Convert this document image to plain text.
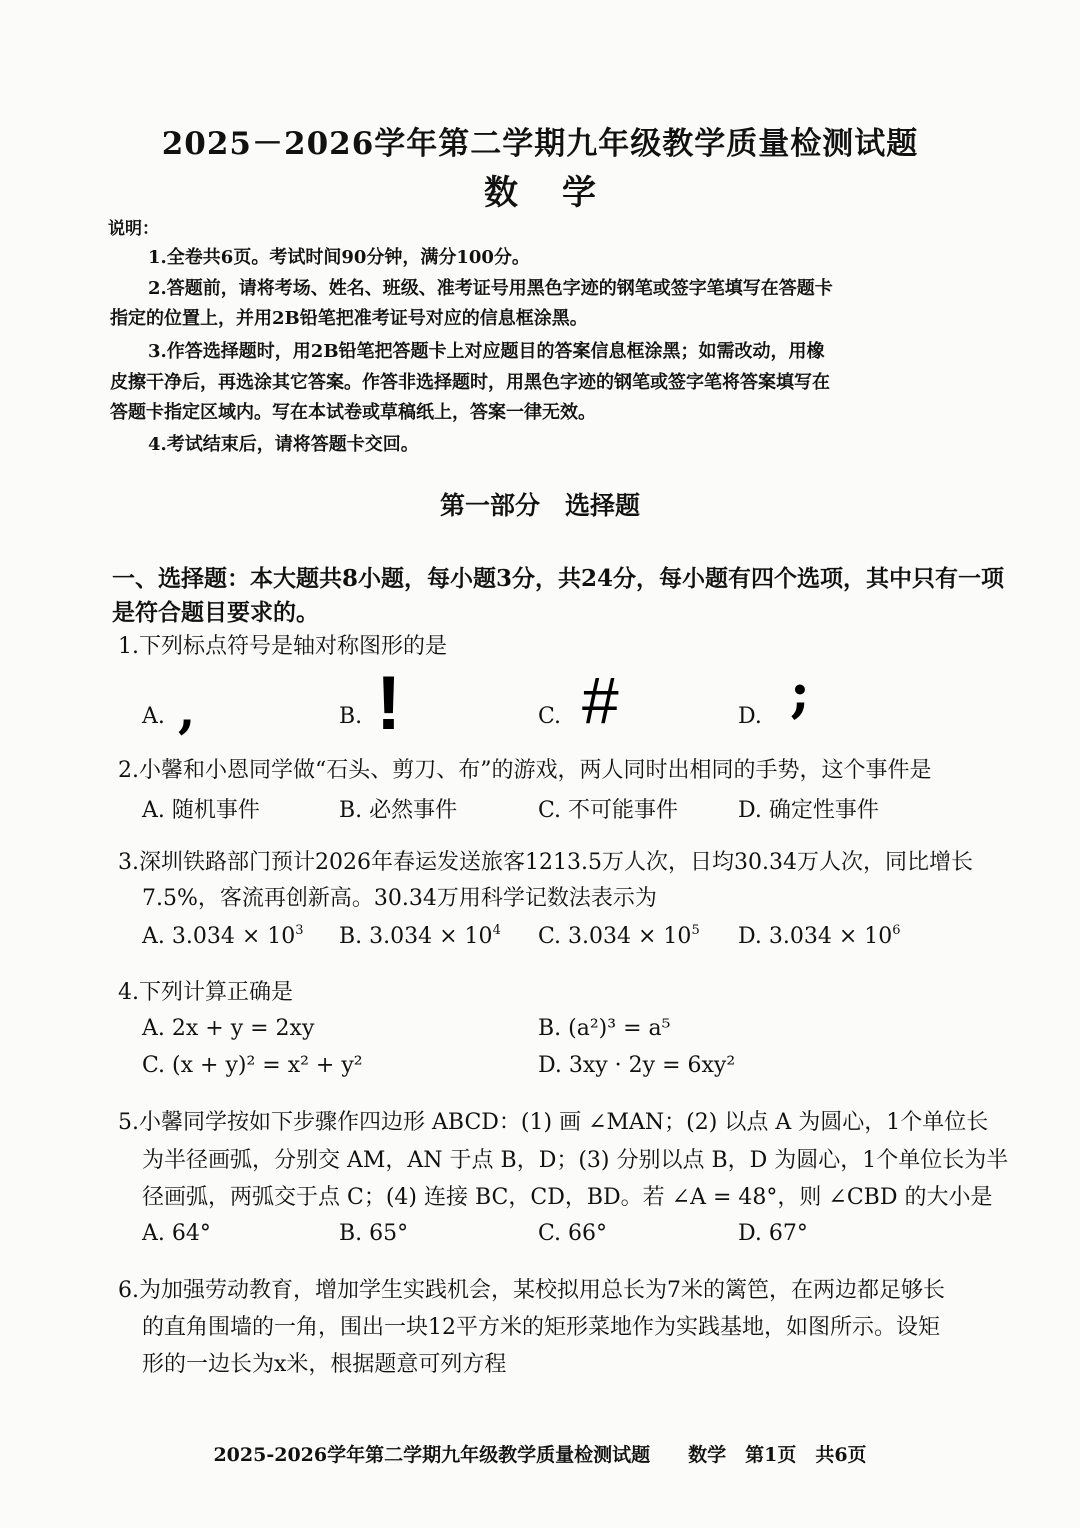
2025－2026学年第二学期九年级教学质量检测试题
数学
说明：
1.全卷共6页。考试时间90分钟，满分100分。
2.答题前，请将考场、姓名、班级、准考证号用黑色字迹的钢笔或签字笔填写在答题卡
指定的位置上，并用2B铅笔把准考证号对应的信息框涂黑。
3.作答选择题时，用2B铅笔把答题卡上对应题目的答案信息框涂黑；如需改动，用橡
皮擦干净后，再选涂其它答案。作答非选择题时，用黑色字迹的钢笔或签字笔将答案填写在
答题卡指定区域内。写在本试卷或草稿纸上，答案一律无效。
4.考试结束后，请将答题卡交回。
第一部分　选择题
一、选择题：本大题共8小题，每小题3分，共24分，每小题有四个选项，其中只有一项
是符合题目要求的。
1.下列标点符号是轴对称图形的是
A. ,	B. !	C. #	D. ;
2.小馨和小恩同学做“石头、剪刀、布”的游戏，两人同时出相同的手势，这个事件是
A. 随机事件	B. 必然事件	C. 不可能事件	D. 确定性事件
3.深圳铁路部门预计2026年春运发送旅客1213.5万人次，日均30.34万人次，同比增长
7.5%，客流再创新高。30.34万用科学记数法表示为
A. $3.034 \times 10^3$ B. $3.034 \times 10^4$ C. $3.034 \times 10^5$ D. $3.034 \times 10^6$
4.下列计算正确是
A. 2x + y = 2xy	B. (a²)³ = a⁵
C. (x + y)² = x² + y²	D. 3xy · 2y = 6xy²
5.小馨同学按如下步骤作四边形 ABCD：(1) 画 ∠MAN；(2) 以点 A 为圆心，1个单位长
为半径画弧，分别交 AM，AN 于点 B，D；(3) 分别以点 B，D 为圆心，1个单位长为半
径画弧，两弧交于点 C；(4) 连接 BC，CD，BD。若 ∠A = 48°，则 ∠CBD 的大小是
A. 64°	B. 65°	C. 66°	D. 67°
6.为加强劳动教育，增加学生实践机会，某校拟用总长为7米的篱笆，在两边都足够长
的直角围墙的一角，围出一块12平方米的矩形菜地作为实践基地，如图所示。设矩
形的一边长为x米，根据题意可列方程
2025-2026学年第二学期九年级教学质量检测试题　　数学　第1页　共6页
